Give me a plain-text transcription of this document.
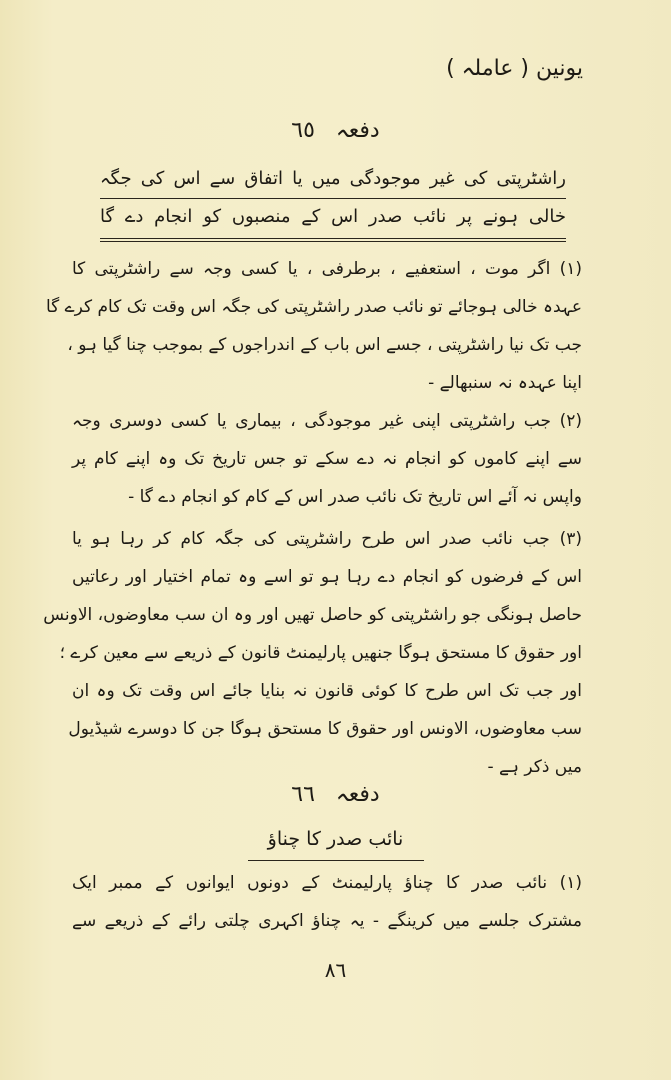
یونین ( عاملہ )
دفعہ ٦٥
راشٹرپتی کی غیر موجودگی میں یا اتفاق سے اس کی جگہ
خالی ہونے پر نائب صدر اس کے منصبوں کو انجام دے گا
(١) اگر موت ، استعفیے ، برطرفی ، یا کسی وجہ سے راشٹرپتی کا
عہدہ خالی ہوجائے تو نائب صدر راشٹرپتی کی جگہ اس وقت تک کام کرے گا
جب تک نیا راشٹرپتی ، جسے اس باب کے اندراجوں کے بموجب چنا گیا ہو ،
اپنا عہدہ نہ سنبھالے -
(٢) جب راشٹرپتی اپنی غیر موجودگی ، بیماری یا کسی دوسری وجہ
سے اپنے کاموں کو انجام نہ دے سکے تو جس تاریخ تک وہ اپنے کام پر
واپس نہ آئے اس تاریخ تک نائب صدر اس کے کام کو انجام دے گا -
(٣) جب نائب صدر اس طرح راشٹرپتی کی جگہ کام کر رہا ہو یا
اس کے فرضوں کو انجام دے رہا ہو تو اسے وہ تمام اختیار اور رعاتیں
حاصل ہونگی جو راشٹرپتی کو حاصل تھیں اور وہ ان سب معاوضوں، الاونس
اور حقوق کا مستحق ہوگا جنھیں پارلیمنٹ قانون کے ذریعے سے معین کرے ؛
اور جب تک اس طرح کا کوئی قانون نہ بنایا جائے اس وقت تک وہ ان
سب معاوضوں، الاونس اور حقوق کا مستحق ہوگا جن کا دوسرے شیڈیول
میں ذکر ہے -
دفعہ ٦٦
نائب صدر کا چناؤ
(١) نائب صدر کا چناؤ پارلیمنٹ کے دونوں ایوانوں کے ممبر ایک
مشترک جلسے میں کرینگے - یہ چناؤ اکہری چلتی رائے کے ذریعے سے
٨٦
